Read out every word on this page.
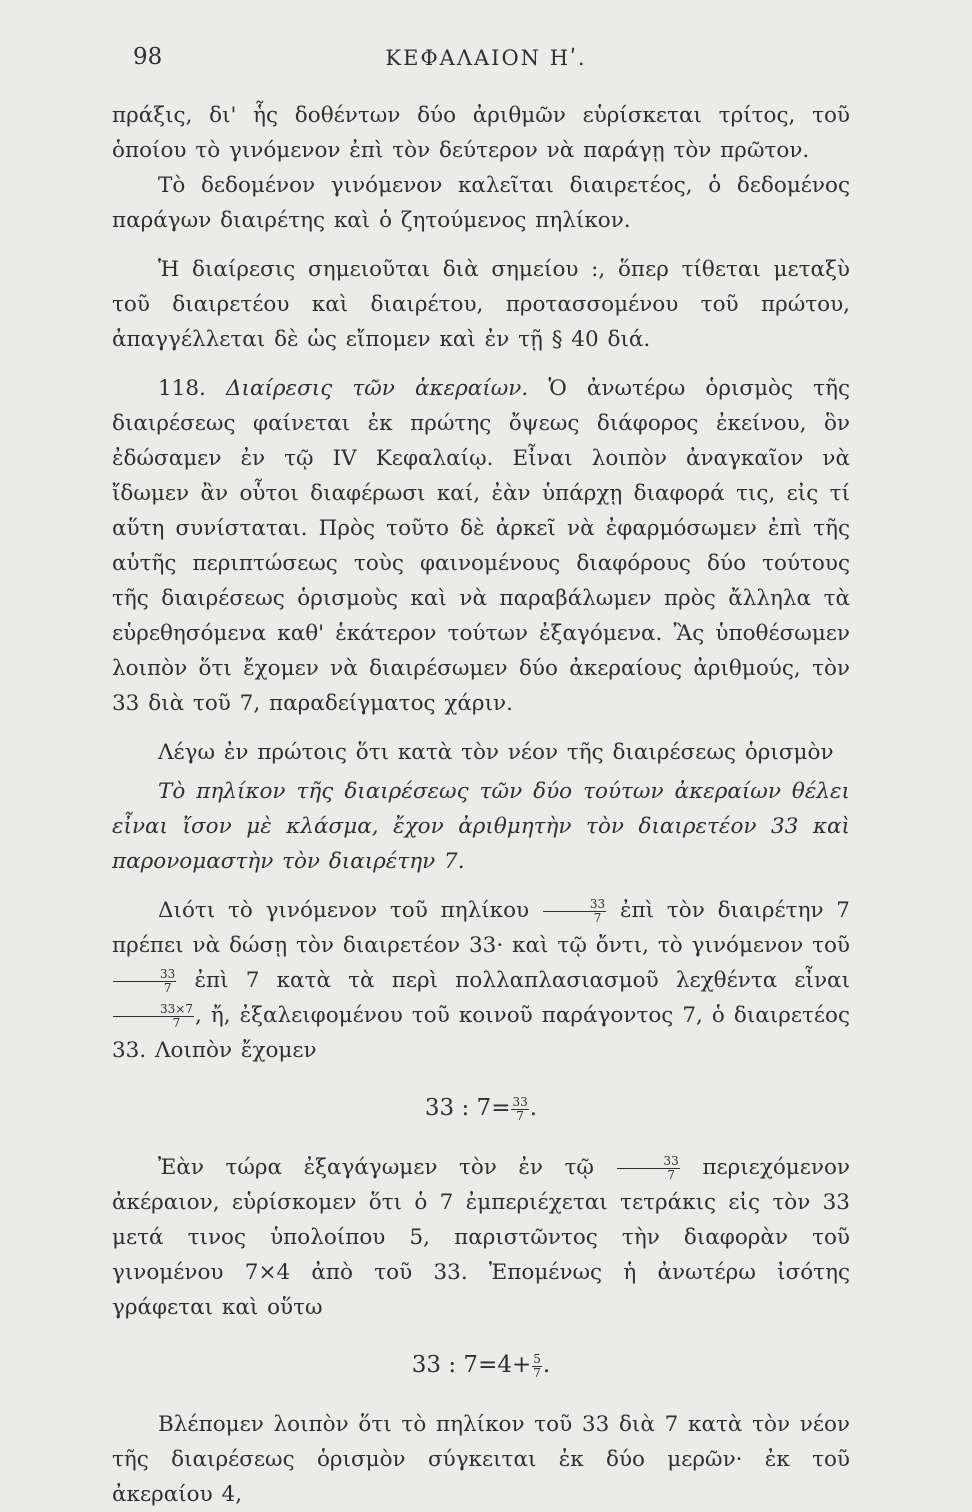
98	ΚΕΦΑΛΑΙΟΝ Ηʹ.

πράξις, δι' ἧς δοθέντων δύο ἀριθμῶν εὑρίσκεται τρίτος, τοῦ ὁποίου τὸ γινόμενον ἐπὶ τὸν δεύτερον νὰ παράγῃ τὸν πρῶτον.

Τὸ δεδομένον γινόμενον καλεῖται διαιρετέος, ὁ δεδομένος παράγων διαιρέτης καὶ ὁ ζητούμενος πηλίκον.

Ἡ διαίρεσις σημειοῦται διὰ σημείου :, ὅπερ τίθεται μεταξὺ τοῦ διαιρετέου καὶ διαιρέτου, προτασσομένου τοῦ πρώτου, ἀπαγγέλλεται δὲ ὡς εἴπομεν καὶ ἐν τῇ § 40 διά.

118. Διαίρεσις τῶν ἀκεραίων. Ὁ ἀνωτέρω ὁρισμὸς τῆς διαιρέσεως φαίνεται ἐκ πρώτης ὄψεως διάφορος ἐκείνου, ὃν ἐδώσαμεν ἐν τῷ IV Κεφαλαίῳ. Εἶναι λοιπὸν ἀναγκαῖον νὰ ἴδωμεν ἂν οὗτοι διαφέρωσι καί, ἐὰν ὑπάρχῃ διαφορά τις, εἰς τί αὕτη συνίσταται. Πρὸς τοῦτο δὲ ἀρκεῖ νὰ ἐφαρμόσωμεν ἐπὶ τῆς αὐτῆς περιπτώσεως τοὺς φαινομένους διαφόρους δύο τούτους τῆς διαιρέσεως ὁρισμοὺς καὶ νὰ παραβάλωμεν πρὸς ἄλληλα τὰ εὑρεθησόμενα καθ' ἑκάτερον τούτων ἐξαγόμενα. Ἂς ὑποθέσωμεν λοιπὸν ὅτι ἔχομεν νὰ διαιρέσωμεν δύο ἀκεραίους ἀριθμούς, τὸν 33 διὰ τοῦ 7, παραδείγματος χάριν.

Λέγω ἐν πρώτοις ὅτι κατὰ τὸν νέον τῆς διαιρέσεως ὁρισμὸν

Τὸ πηλίκον τῆς διαιρέσεως τῶν δύο τούτων ἀκεραίων θέλει εἶναι ἴσον μὲ κλάσμα, ἔχον ἀριθμητὴν τὸν διαιρετέον 33 καὶ παρονομαστὴν τὸν διαιρέτην 7.

Διότι τὸ γινόμενον τοῦ πηλίκου $\frac{33}{7}$ ἐπὶ τὸν διαιρέτην 7 πρέπει νὰ δώσῃ τὸν διαιρετέον 33· καὶ τῷ ὄντι, τὸ γινόμενον τοῦ
$\frac{33}{7}$ ἐπὶ 7 κατὰ τὰ περὶ πολλαπλασιασμοῦ λεχθέντα εἶναι
$\frac{33\times 7}{7}$ , ἤ, ἐξαλειφομένου τοῦ κοινοῦ παράγοντος 7, ὁ διαιρετέος 33. Λοιπὸν ἔχομεν

33 : $7= \frac{33}{7}$ .

Ἐὰν τώρα ἐξαγάγωμεν τὸν ἐν τῷ $\frac{33}{7}$ περιεχόμενον ἀκέραιον, εὑρίσκομεν ὅτι ὁ 7 ἐμπεριέχεται τετράκις εἰς τὸν 33 μετά τινος ὑπολοίπου 5, παριστῶντος τὴν διαφορὰν τοῦ γινομένου 7×4 ἀπὸ τοῦ 33. Ἐπομένως ἡ ἀνωτέρω ἰσότης γράφεται καὶ οὕτω

33 : $7=4+ \frac{5}{7}$ .

Βλέπομεν λοιπὸν ὅτι τὸ πηλίκον τοῦ 33 διὰ 7 κατὰ τὸν νέον τῆς διαιρέσεως ὁρισμὸν σύγκειται ἐκ δύο μερῶν· ἐκ τοῦ ἀκεραίου 4,
